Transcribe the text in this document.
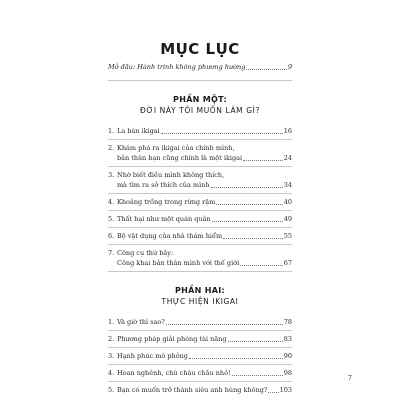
MỤC LỤC
Mở đầu: Hành trình không phương hướng	9
PHẦN MỘT:
ĐỜI NÀY TÔI MUỐN LÀM GÌ?
1. La bàn ikigai	16
2. Khám phá ra ikigai của chính mình,
bản thân bạn cũng chính là một ikigai	24
3. Nhờ biết điều mình không thích,
mà tìm ra sở thích của mình	34
4. Khoảng trống trong rừng rậm	40
5. Thất bại như một quán quân	49
6. Bộ vật dụng của nhà thám hiểm	55
7. Công cụ thứ bảy:
Công khai bản thân mình với thế giới	67
PHẦN HAI:
THỰC HIỆN IKIGAI
1. Và giờ thì sao?	78
2. Phương pháp giải phóng tài năng	83
3. Hạnh phúc mô phỏng	90
4. Hoan nghênh, chú cháu chầu nhỏ!	98
5. Bạn có muốn trở thành siêu anh hùng không? 103
7
